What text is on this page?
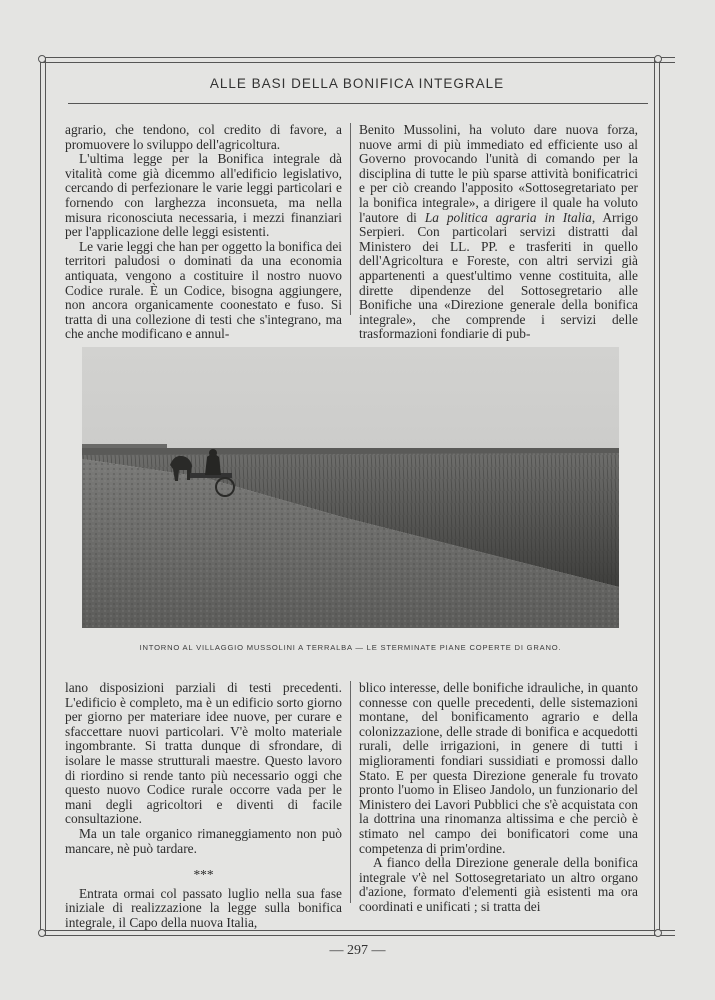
ALLE BASI DELLA BONIFICA INTEGRALE

agrario, che tendono, col credito di favore, a promuovere lo sviluppo dell'agricoltura.

L'ultima legge per la Bonifica integrale dà vitalità come già dicemmo all'edificio legislativo, cercando di perfezionare le varie leggi particolari e fornendo con larghezza inconsueta, ma nella misura riconosciuta necessaria, i mezzi finanziari per l'applicazione delle leggi esistenti.

Le varie leggi che han per oggetto la bonifica dei territori paludosi o dominati da una economia antiquata, vengono a costituire il nostro nuovo Codice rurale. È un Codice, bisogna aggiungere, non ancora organicamente coonestato e fuso. Si tratta di una collezione di testi che s'integrano, ma che anche modificano e annul-

Benito Mussolini, ha voluto dare nuova forza, nuove armi di più immediato ed efficiente uso al Governo provocando l'unità di comando per la disciplina di tutte le più sparse attività bonificatrici e per ciò creando l'apposito «Sottosegretariato per la bonifica integrale», a dirigere il quale ha voluto l'autore di La politica agraria in Italia, Arrigo Serpieri. Con particolari servizi distratti dal Ministero dei LL. PP. e trasferiti in quello dell'Agricoltura e Foreste, con altri servizi già appartenenti a quest'ultimo venne costituita, alle dirette dipendenze del Sottosegretario alle Bonifiche una «Direzione generale della bonifica integrale», che comprende i servizi delle trasformazioni fondiarie di pub-

INTORNO AL VILLAGGIO MUSSOLINI A TERRALBA — LE STERMINATE PIANE COPERTE DI GRANO.

lano disposizioni parziali di testi precedenti. L'edificio è completo, ma è un edificio sorto giorno per giorno per materiare idee nuove, per curare e sfaccettare nuovi particolari. V'è molto materiale ingombrante. Si tratta dunque di sfrondare, di isolare le masse strutturali maestre. Questo lavoro di riordino si rende tanto più necessario oggi che questo nuovo Codice rurale occorre vada per le mani degli agricoltori e diventi di facile consultazione.

Ma un tale organico rimaneggiamento non può mancare, nè può tardare.

***

Entrata ormai col passato luglio nella sua fase iniziale di realizzazione la legge sulla bonifica integrale, il Capo della nuova Italia,

blico interesse, delle bonifiche idrauliche, in quanto connesse con quelle precedenti, delle sistemazioni montane, del bonificamento agrario e della colonizzazione, delle strade di bonifica e acquedotti rurali, delle irrigazioni, in genere di tutti i miglioramenti fondiari sussidiati e promossi dallo Stato. E per questa Direzione generale fu trovato pronto l'uomo in Eliseo Jandolo, un funzionario del Ministero dei Lavori Pubblici che s'è acquistata con la dottrina una rinomanza altissima e che perciò è stimato nel campo dei bonificatori come una competenza di prim'ordine.

A fianco della Direzione generale della bonifica integrale v'è nel Sottosegretariato un altro organo d'azione, formato d'elementi già esistenti ma ora coordinati e unificati ; si tratta dei

— 297 —
